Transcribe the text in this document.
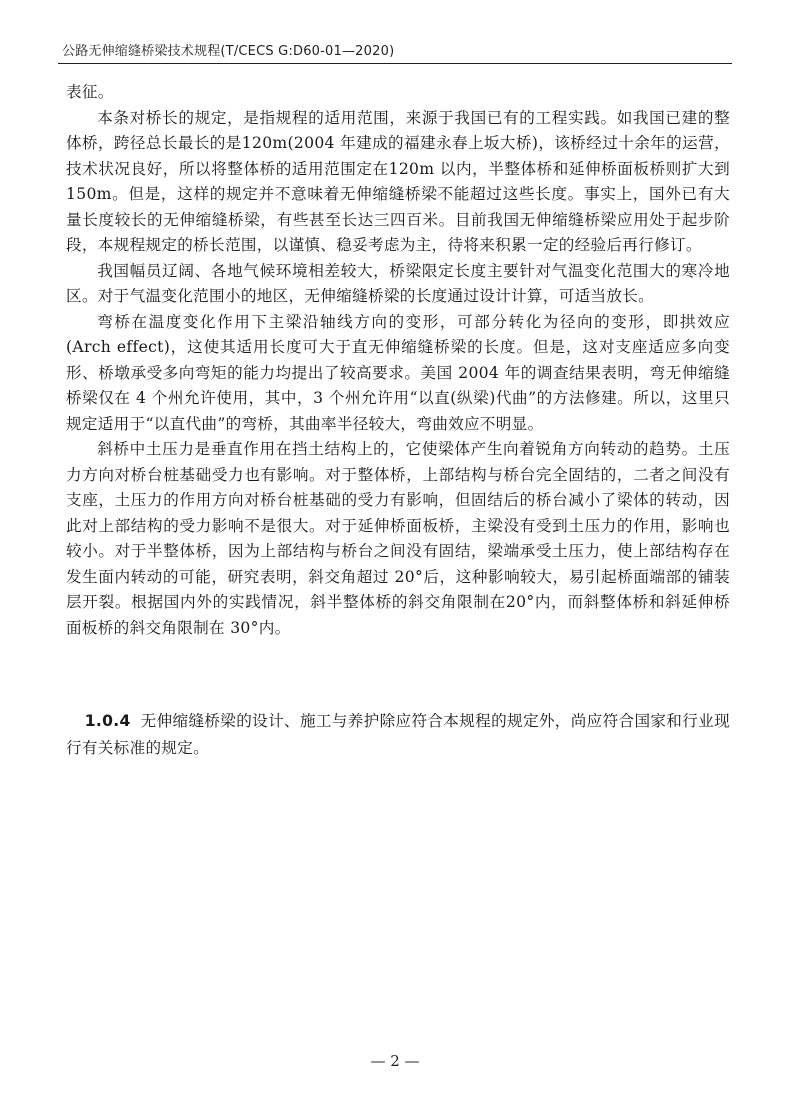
公路无伸缩缝桥梁技术规程(T/CECS G:D60-01—2020)

表征。

本条对桥长的规定，是指规程的适用范围，来源于我国已有的工程实践。如我国已建的整体桥，跨径总长最长的是120m(2004 年建成的福建永春上坂大桥)，该桥经过十余年的运营，技术状况良好，所以将整体桥的适用范围定在120m 以内，半整体桥和延伸桥面板桥则扩大到150m。但是，这样的规定并不意味着无伸缩缝桥梁不能超过这些长度。事实上，国外已有大量长度较长的无伸缩缝桥梁，有些甚至长达三四百米。目前我国无伸缩缝桥梁应用处于起步阶段，本规程规定的桥长范围，以谨慎、稳妥考虑为主，待将来积累一定的经验后再行修订。

我国幅员辽阔、各地气候环境相差较大，桥梁限定长度主要针对气温变化范围大的寒冷地区。对于气温变化范围小的地区，无伸缩缝桥梁的长度通过设计计算，可适当放长。

弯桥在温度变化作用下主梁沿轴线方向的变形，可部分转化为径向的变形，即拱效应(Arch effect)，这使其适用长度可大于直无伸缩缝桥梁的长度。但是，这对支座适应多向变形、桥墩承受多向弯矩的能力均提出了较高要求。美国 2004 年的调查结果表明，弯无伸缩缝桥梁仅在 4 个州允许使用，其中，3 个州允许用“以直(纵梁)代曲”的方法修建。所以，这里只规定适用于“以直代曲”的弯桥，其曲率半径较大，弯曲效应不明显。

斜桥中土压力是垂直作用在挡土结构上的，它使梁体产生向着锐角方向转动的趋势。土压力方向对桥台桩基础受力也有影响。对于整体桥，上部结构与桥台完全固结的，二者之间没有支座，土压力的作用方向对桥台桩基础的受力有影响，但固结后的桥台减小了梁体的转动，因此对上部结构的受力影响不是很大。对于延伸桥面板桥，主梁没有受到土压力的作用，影响也较小。对于半整体桥，因为上部结构与桥台之间没有固结，梁端承受土压力，使上部结构存在发生面内转动的可能，研究表明，斜交角超过 20°后，这种影响较大，易引起桥面端部的铺装层开裂。根据国内外的实践情况，斜半整体桥的斜交角限制在20°内，而斜整体桥和斜延伸桥面板桥的斜交角限制在 30°内。

1.0.4 无伸缩缝桥梁的设计、施工与养护除应符合本规程的规定外，尚应符合国家和行业现行有关标准的规定。
— 2 —
